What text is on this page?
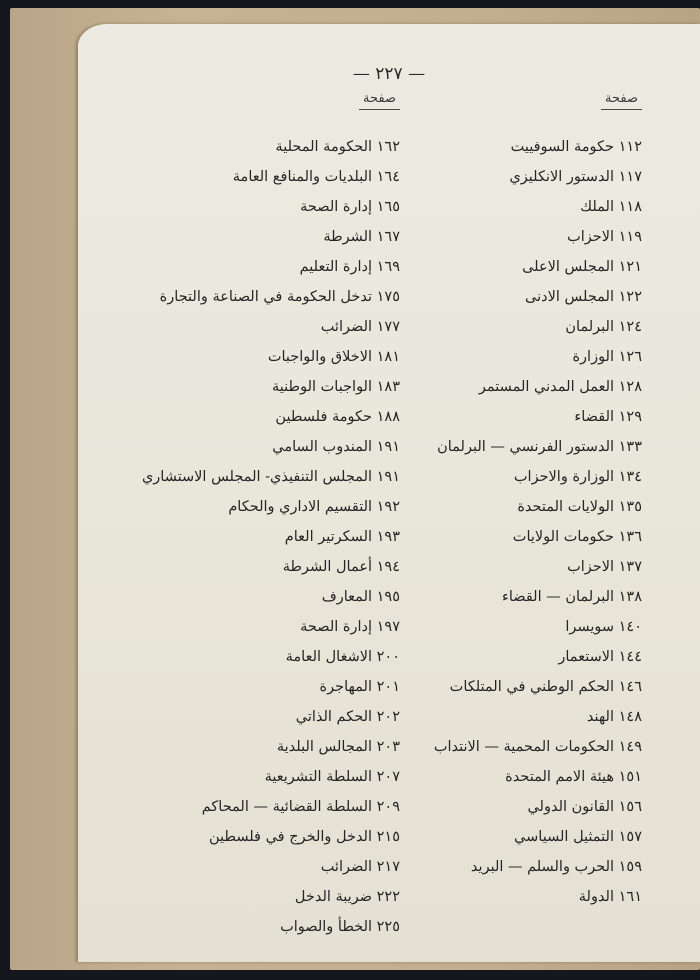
— ٢٢٧ —
صفحة
صفحة
١١٢ حكومة السوفييت
١١٧ الدستور الانكليزي
١١٨ الملك
١١٩ الاحزاب
١٢١ المجلس الاعلى
١٢٢ المجلس الادنى
١٢٤ البرلمان
١٢٦ الوزارة
١٢٨ العمل المدني المستمر
١٢٩ القضاء
١٣٣ الدستور الفرنسي — البرلمان
١٣٤ الوزارة والاحزاب
١٣٥ الولايات المتحدة
١٣٦ حكومات الولايات
١٣٧ الاحزاب
١٣٨ البرلمان — القضاء
١٤٠ سويسرا
١٤٤ الاستعمار
١٤٦ الحكم الوطني في المتلكات
١٤٨ الهند
١٤٩ الحكومات المحمية — الانتداب
١٥١ هيئة الامم المتحدة
١٥٦ القانون الدولي
١٥٧ التمثيل السياسي
١٥٩ الحرب والسلم — البريد
١٦١ الدولة
١٦٢ الحكومة المحلية
١٦٤ البلديات والمنافع العامة
١٦٥ إدارة الصحة
١٦٧ الشرطة
١٦٩ إدارة التعليم
١٧٥ تدخل الحكومة في الصناعة والتجارة
١٧٧ الضرائب
١٨١ الاخلاق والواجبات
١٨٣ الواجبات الوطنية
١٨٨ حكومة فلسطين
١٩١ المندوب السامي
١٩١ المجلس التنفيذي- المجلس الاستشاري
١٩٢ التقسيم الاداري والحكام
١٩٣ السكرتير العام
١٩٤ أعمال الشرطة
١٩٥ المعارف
١٩٧ إدارة الصحة
٢٠٠ الاشغال العامة
٢٠١ المهاجرة
٢٠٢ الحكم الذاتي
٢٠٣ المجالس البلدية
٢٠٧ السلطة التشريعية
٢٠٩ السلطة القضائية — المحاكم
٢١٥ الدخل والخرج في فلسطين
٢١٧ الضرائب
٢٢٢ ضريبة الدخل
٢٢٥ الخطأ والصواب
